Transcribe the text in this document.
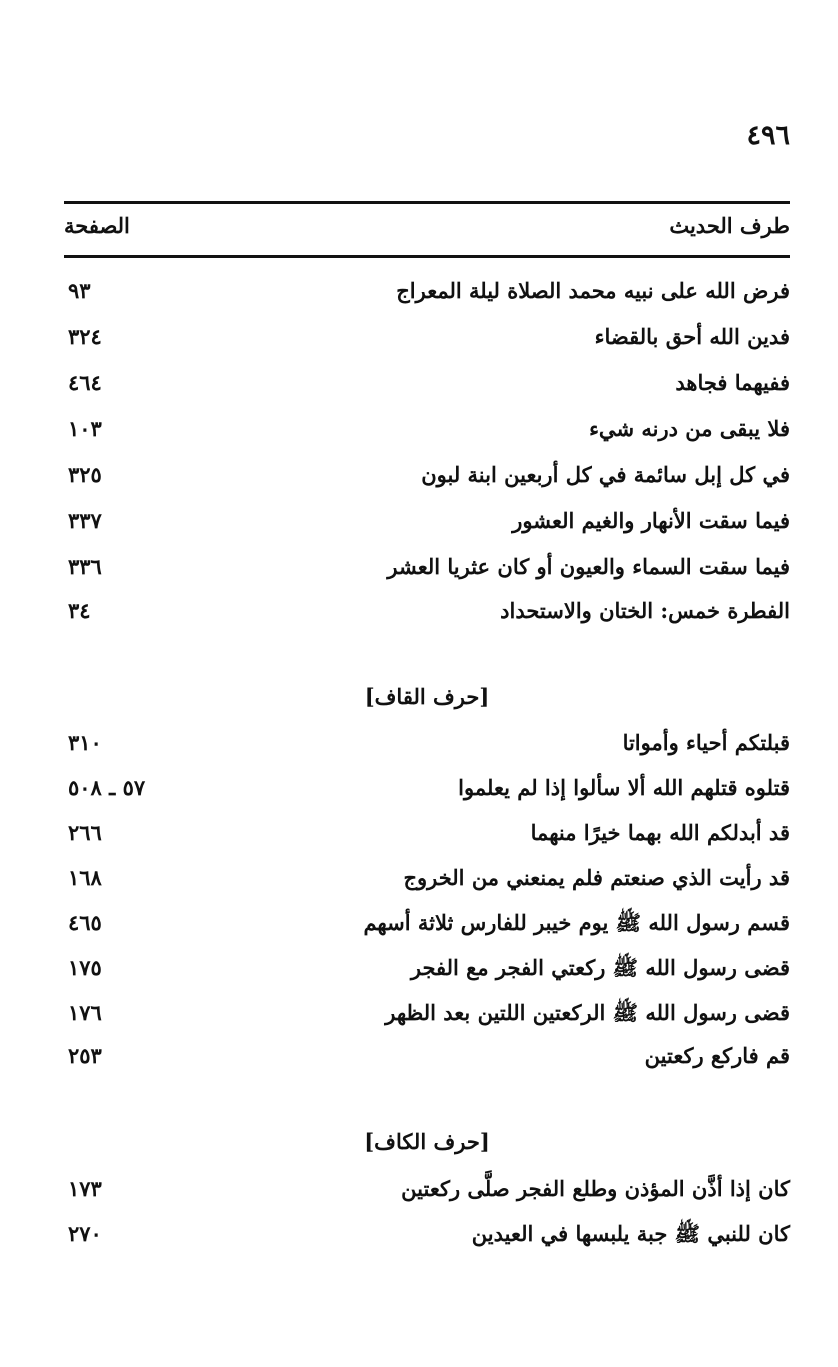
٤٩٦
طرف الحديث
الصفحة
فرض الله على نبيه محمد الصلاة ليلة المعراج
٩٣
فدين الله أحق بالقضاء
٣٢٤
ففيهما فجاهد
٤٦٤
فلا يبقى من درنه شيء
١٠٣
في كل إبل سائمة في كل أربعين ابنة لبون
٣٢٥
فيما سقت الأنهار والغيم العشور
٣٣٧
فيما سقت السماء والعيون أو كان عثريا العشر
٣٣٦
الفطرة خمس: الختان والاستحداد
٣٤
[حرف القاف]
قبلتكم أحياء وأمواتا
٣١٠
قتلوه قتلهم الله ألا سألوا إذا لم يعلموا
٥٧ ـ ٥٠٨
قد أبدلكم الله بهما خيرًا منهما
٢٦٦
قد رأيت الذي صنعتم فلم يمنعني من الخروج
١٦٨
قسم رسول الله ﷺ يوم خيبر للفارس ثلاثة أسهم
٤٦٥
قضى رسول الله ﷺ ركعتي الفجر مع الفجر
١٧٥
قضى رسول الله ﷺ الركعتين اللتين بعد الظهر
١٧٦
قم فاركع ركعتين
٢٥٣
[حرف الكاف]
كان إذا أذَّن المؤذن وطلع الفجر صلَّى ركعتين
١٧٣
كان للنبي ﷺ جبة يلبسها في العيدين
٢٧٠
